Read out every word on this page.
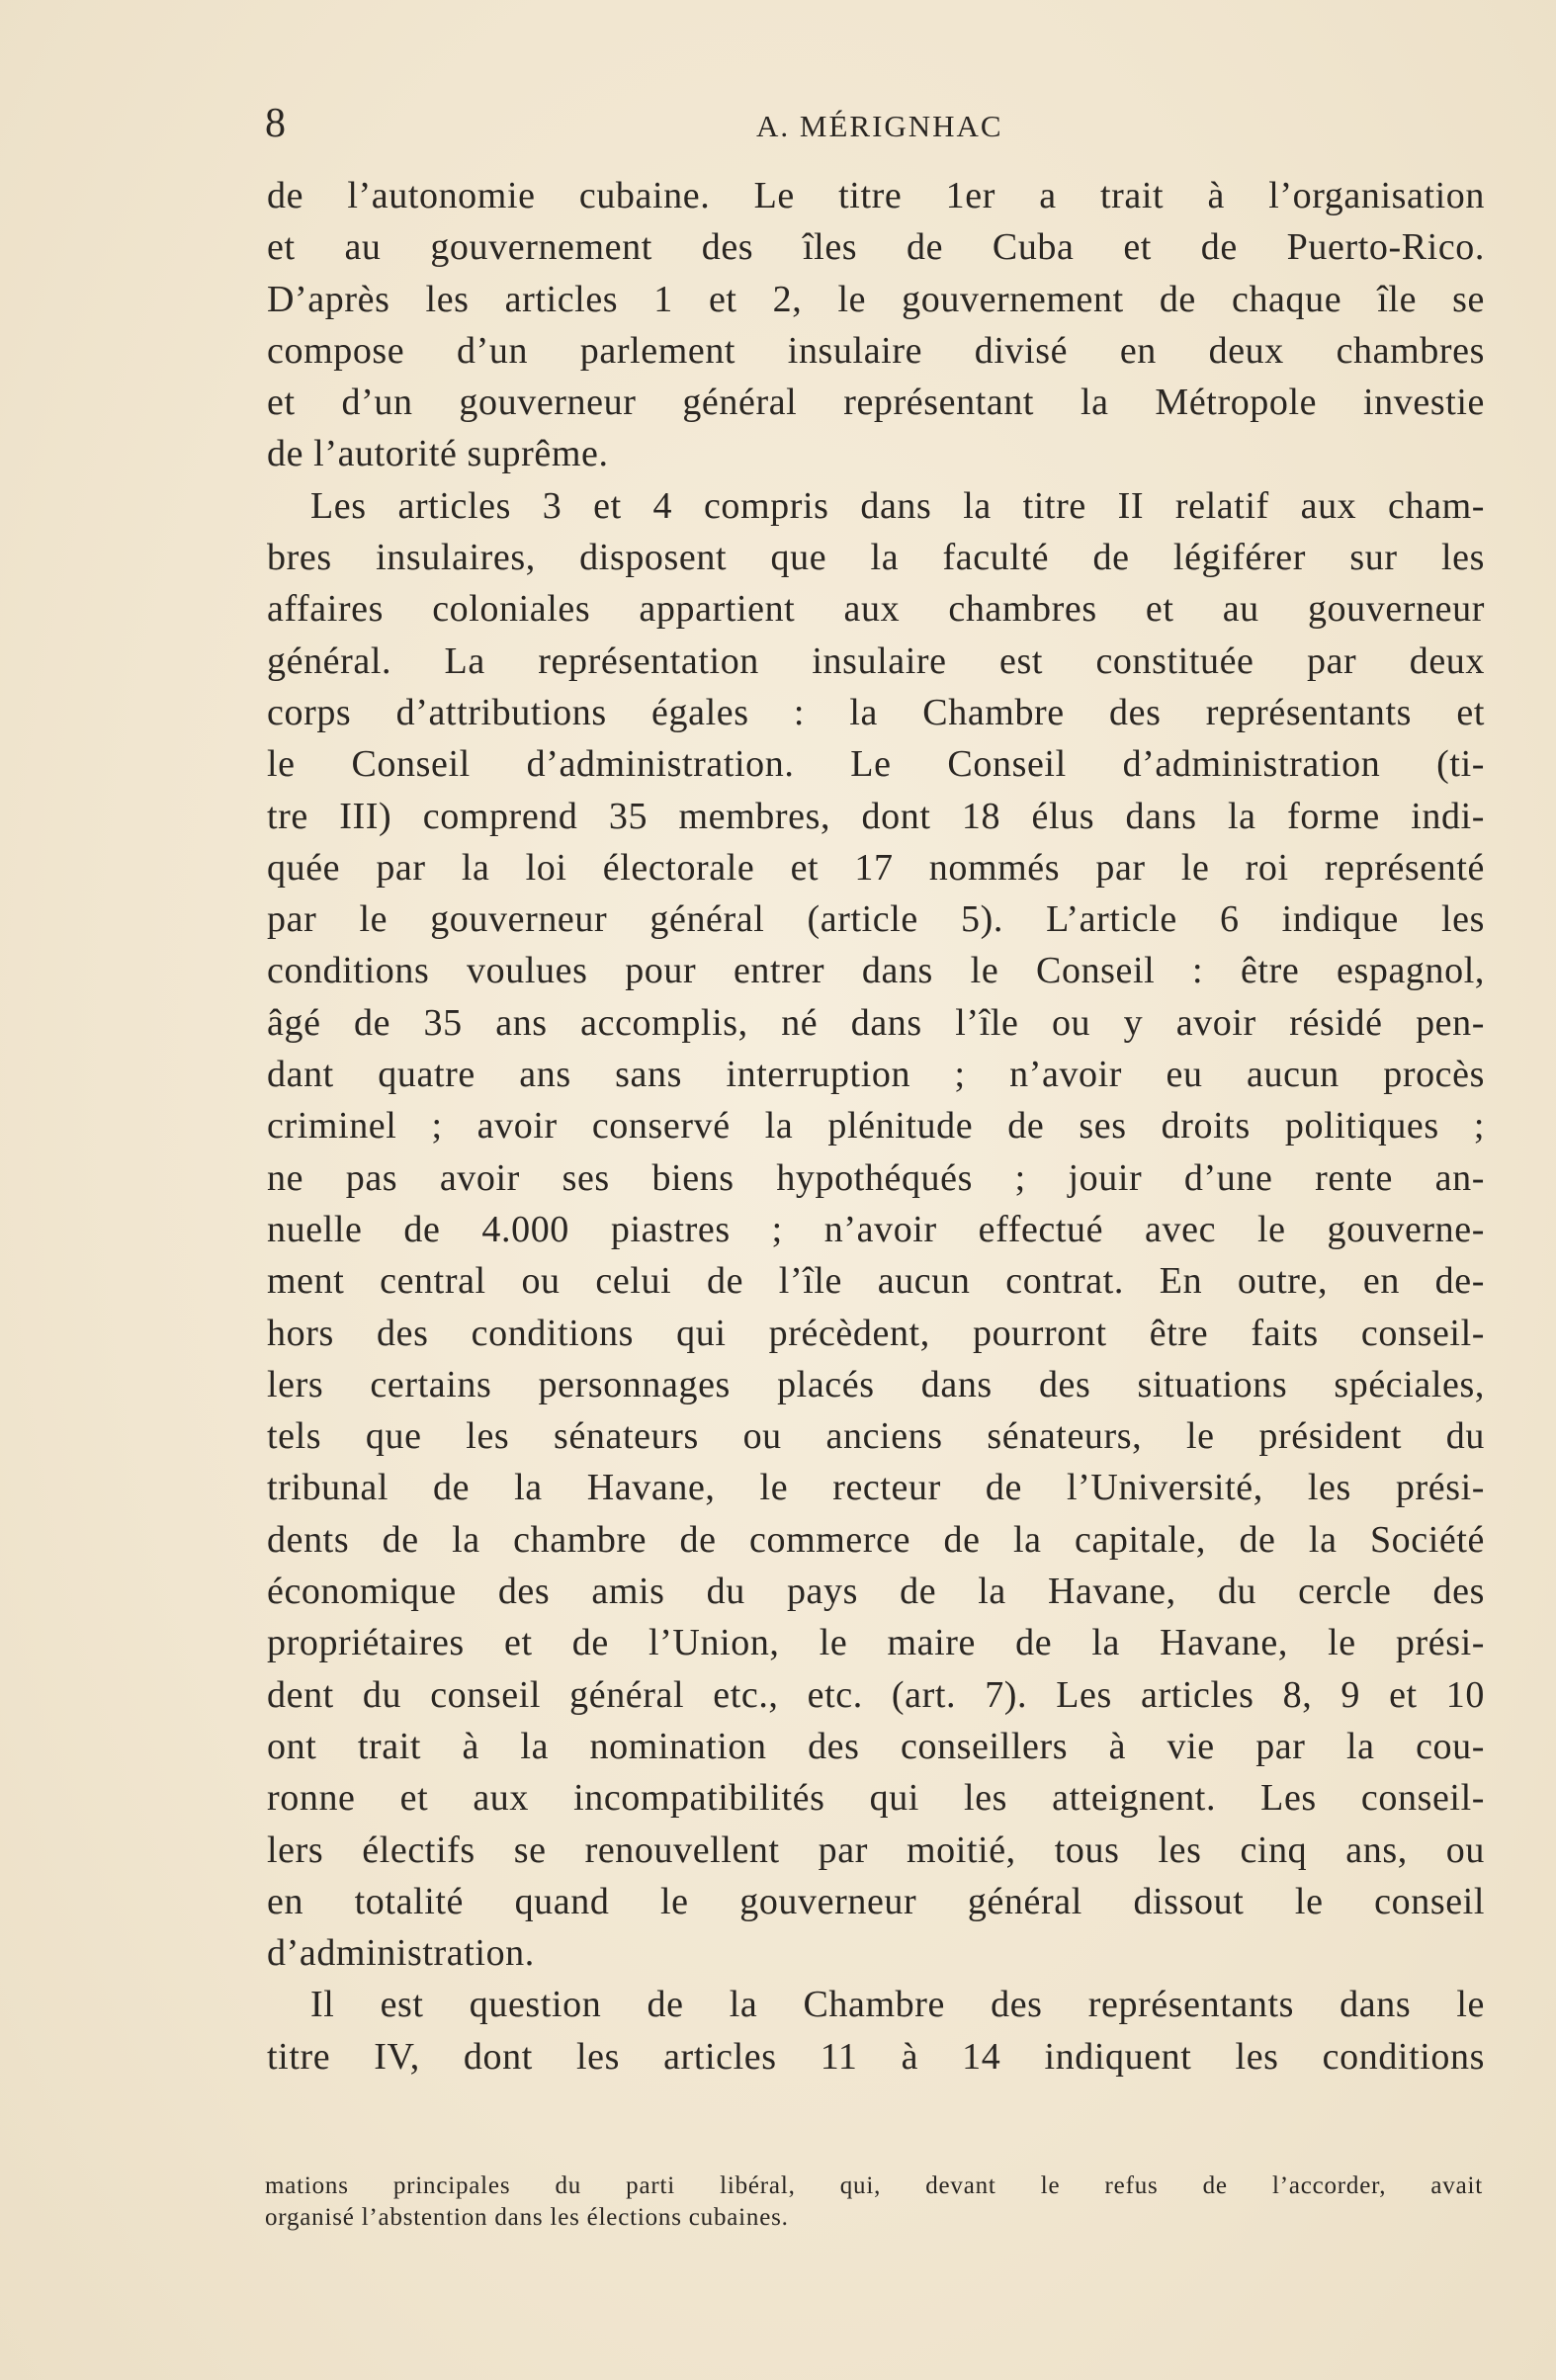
8	A. MÉRIGNHAC
de l’autonomie cubaine. Le titre 1er a trait à l’organisation
et au gouvernement des îles de Cuba et de Puerto-Rico.
D’après les articles 1 et 2, le gouvernement de chaque île se
compose d’un parlement insulaire divisé en deux chambres
et d’un gouverneur général représentant la Métropole investie
de l’autorité suprême.
Les articles 3 et 4 compris dans la titre II relatif aux cham-
bres insulaires, disposent que la faculté de légiférer sur les
affaires coloniales appartient aux chambres et au gouverneur
général. La représentation insulaire est constituée par deux
corps d’attributions égales : la Chambre des représentants et
le Conseil d’administration. Le Conseil d’administration (ti-
tre III) comprend 35 membres, dont 18 élus dans la forme indi-
quée par la loi électorale et 17 nommés par le roi représenté
par le gouverneur général (article 5). L’article 6 indique les
conditions voulues pour entrer dans le Conseil : être espagnol,
âgé de 35 ans accomplis, né dans l’île ou y avoir résidé pen-
dant quatre ans sans interruption ; n’avoir eu aucun procès
criminel ; avoir conservé la plénitude de ses droits politiques ;
ne pas avoir ses biens hypothéqués ; jouir d’une rente an-
nuelle de 4.000 piastres ; n’avoir effectué avec le gouverne-
ment central ou celui de l’île aucun contrat. En outre, en de-
hors des conditions qui précèdent, pourront être faits conseil-
lers certains personnages placés dans des situations spéciales,
tels que les sénateurs ou anciens sénateurs, le président du
tribunal de la Havane, le recteur de l’Université, les prési-
dents de la chambre de commerce de la capitale, de la Société
économique des amis du pays de la Havane, du cercle des
propriétaires et de l’Union, le maire de la Havane, le prési-
dent du conseil général etc., etc. (art. 7). Les articles 8, 9 et 10
ont trait à la nomination des conseillers à vie par la cou-
ronne et aux incompatibilités qui les atteignent. Les conseil-
lers électifs se renouvellent par moitié, tous les cinq ans, ou
en totalité quand le gouverneur général dissout le conseil
d’administration.
Il est question de la Chambre des représentants dans le
titre IV, dont les articles 11 à 14 indiquent les conditions
mations principales du parti libéral, qui, devant le refus de l’accorder, avait
organisé l’abstention dans les élections cubaines.
